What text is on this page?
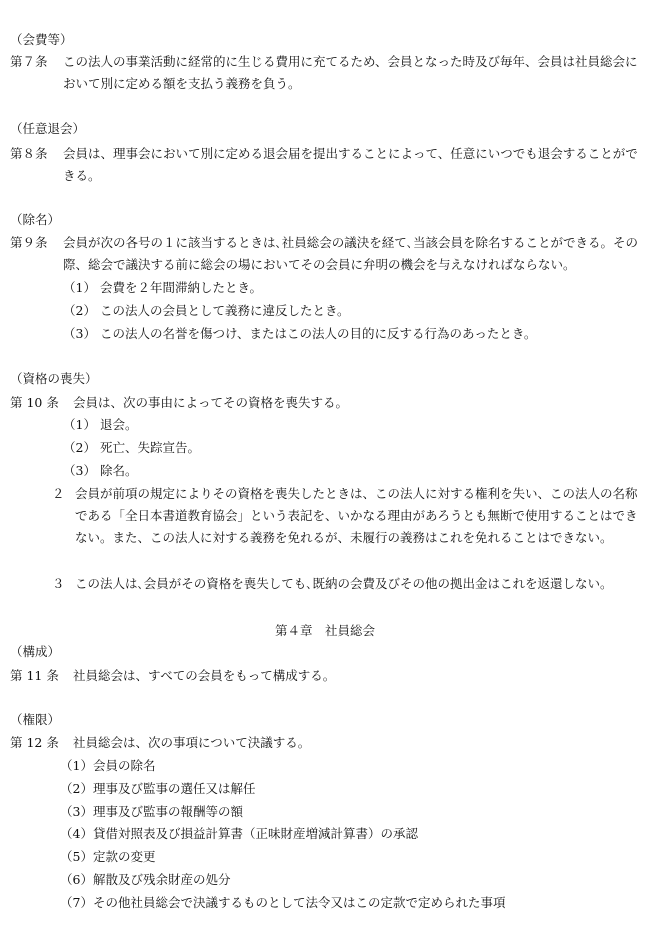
（会費等）
第７条 この法人の事業活動に経常的に生じる費用に充てるため、会員となった時及び毎年、会員は社員総会において別に定める額を支払う義務を負う。
（任意退会）
第８条 会員は、理事会において別に定める退会届を提出することによって、任意にいつでも退会することができる。
（除名）
第９条 会員が次の各号の１に該当するときは､社員総会の議決を経て､当該会員を除名することができる。その際、総会で議決する前に総会の場においてその会員に弁明の機会を与えなければならない。
（1） 会費を２年間滞納したとき。
（2） この法人の会員として義務に違反したとき。
（3） この法人の名誉を傷つけ、またはこの法人の目的に反する行為のあったとき。
（資格の喪失）
第 10 条 会員は、次の事由によってその資格を喪失する。
（1） 退会。
（2） 死亡、失踪宣告。
（3） 除名。
２ 会員が前項の規定によりその資格を喪失したときは、この法人に対する権利を失い、この法人の名称である「全日本書道教育協会」という表記を、いかなる理由があろうとも無断で使用することはできない。また、この法人に対する義務を免れるが、未履行の義務はこれを免れることはできない。
３ この法人は､会員がその資格を喪失しても､既納の会費及びその他の拠出金はこれを返還しない。
第４章　社員総会
（構成）
第 11 条 社員総会は、すべての会員をもって構成する。
（権限）
第 12 条 社員総会は、次の事項について決議する。
（1）会員の除名
（2）理事及び監事の選任又は解任
（3）理事及び監事の報酬等の額
（4）貸借対照表及び損益計算書（正味財産増減計算書）の承認
（5）定款の変更
（6）解散及び残余財産の処分
（7）その他社員総会で決議するものとして法令又はこの定款で定められた事項
